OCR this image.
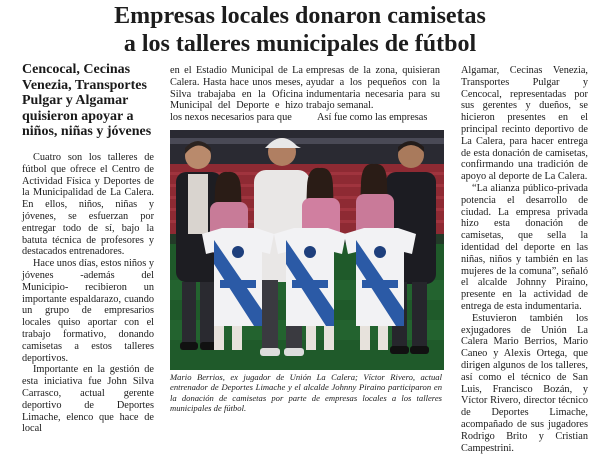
Empresas locales donaron camisetas
a los talleres municipales de fútbol
Cencocal, Cecinas Venezia, Transportes Pulgar y Algamar quisieron apoyar a niños, niñas y jóvenes

Cuatro son los talleres de fútbol que ofrece el Centro de Actividad Física y Deportes de la Municipalidad de La Calera. En ellos, niños, niñas y jóvenes, se esfuerzan por entregar todo de sí, bajo la batuta técnica de profesores y destacados entrenadores.

Hace unos días, estos niños y jóvenes -además del Municipio- recibieron un importante espaldarazo, cuando un grupo de empresarios locales quiso aportar con el trabajo formativo, donando camisetas a estos talleres deportivos.

Importante en la gestión de esta iniciativa fue John Silva Carrasco, actual gerente deportivo de Deportes Limache, elenco que hace de local

en el Estadio Municipal de La Calera. Hasta hace unos meses, Silva trabajaba en la Oficina Municipal del Deporte e hizo los nexos necesarios para que

empresas de la zona, quisieran ayudar a los pequeños con la indumentaria necesaria para su trabajo semanal.

Así fue como las empresas

Algamar, Cecinas Venezia, Transportes Pulgar y Cencocal, representadas por sus gerentes y dueños, se hicieron presentes en el principal recinto deportivo de La Calera, para hacer entrega de esta donación de camisetas, confirmando una tradición de apoyo al deporte de La Calera.

“La alianza público-privada potencia el desarrollo de ciudad. La empresa privada hizo esta donación de camisetas, que sella la identidad del deporte en las niñas, niños y también en las mujeres de la comuna”, señaló el alcalde Johnny Piraino, presente en la actividad de entrega de esta indumentaria.

Estuvieron también los exjugadores de Unión La Calera Mario Berrios, Mario Caneo y Alexis Ortega, que dirigen algunos de los talleres, así como el técnico de San Luis, Francisco Bozán, y Víctor Rivero, director técnico de Deportes Limache, acompañado de sus jugadores Rodrigo Brito y Cristian Campestrini.

Mario Berrios, ex jugador de Unión La Calera; Víctor Rivero, actual entrenador de Deportes Limache y el alcalde Johnny Piraino participaron en la donación de camisetas por parte de empresas locales a los talleres municipales de fútbol.
